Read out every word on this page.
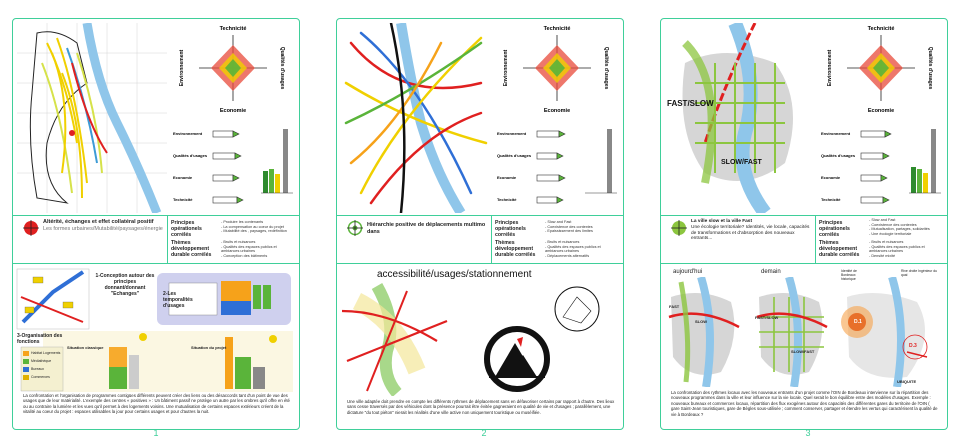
Technicité
Environnement	Qualités d'usages
Economie
Environnement
Qualités d'usages
Economie
Technicité
Altérité, échanges et effet collatéral positif
Les formes urbaines/Mutabilité/paysages/énergie
Principes opérationels corrélés
- Produire les contenants
- La compensation au coeur du projet
- Mutabilité des , paysages, redéfinition
Thèmes développement durable corrélés
- Bruits et nuisances
- Qualités des espaces publics et
ambiances urbaines
- Conception des bâtiments
1-Conception autour des principes donnant/donnant "Echanges"	2-Les temporalités d'usages
3-Organisation des fonctions
Situation classique	Situation du projet
Habitat Logements
Médiathèque
Bureaux
Commerces
La confrontation et l'organisation de programmes contigües différents peuvent créer des liens ou des désaccords tant d'un point de vue des usages que de leur matérialité. L'exemple des centres « positives » : Un bâtiment passif ne protège un autre par les ombres qu'il offre en été ou au contraire la lumière et les vues qu'il permet à des logements voisins. Une mutualisation de certains espaces extérieurs créent de la vitalité au coeur du projet : espaces utilisables la jour pour certains usages et pour d'autres la nuit.
1
Technicité
Environnement	Qualités d'usages
Economie
Environnement
Qualités d'usages
Economie
Technicité
Hiérarchie positive de déplacements multimo dans
Principes opérationels corrélés
- Slow and Fast
- Coexistence des contextes
- Epaississement des limites
Thèmes développement durable corrélés
- Bruits et nuisances
- Qualités des espaces publics et
ambiances urbaines
- Déplacements alternatifs
accessibilité/usages/stationnement
Une ville adaptée doit prendre en compte les différents rythmes de déplacement sans en défavoriser certains par rapport à d'autre. Des lieux sans cesse traversés par des véhicules dont la présence pourrait être évitée gagneraient en qualité de vie et d'usages ; parallèlement, une dictature "du tout piéton" nierait les réalités d'une ville active non uniquement touristique ou muséifiée.
2
FAST/SLOW
SLOW/FAST
Technicité
Environnement	Qualités d'usages
Economie
Environnement
Qualités d'usages
Economie
Technicité
La ville slow et la ville Fast
Une écologie territoriale? Identités, vie locale, capacités de transformations et d'absorption des nouveaux entrants...
Principes opérationels corrélés
- Slow and Fast
- Coexistence des contextes
- Mutualisation, partages, solidarités
- Une écologie territoriale
Thèmes développement durable corrélés
- Bruits et nuisances
- Qualités des espaces publics et
ambiances urbaines
- Densité mixité
aujourd'hui	demain
FAST
SLOW
FAST/SLOW
SLOW/FAST
D.1
D.3
UBIQUITE
Identité de Bordeaux historique
Rive droite Ingénieur du quai
La confrontation des rythmes locaux avec les nouveaux entrants d'un projet comme l'OIN de Bordeaux intervienne sur la répartition des nouveaux programmes dans la ville et leur influence sur la vie locale. Quel serait le bon équilibre entre des modèles d'usages. Exemple : nouveaux bureaux et commerces locaux, répartition des flux exogènes autour des capacités des différentes gares du territoire de l'OIN ( gare Saint-Jean touristiques, gare de Bègles sous-utilisée ; comment conserver, partager et étendre les vertus qui caractérisent la qualité de vie à Bordeaux ?
3
